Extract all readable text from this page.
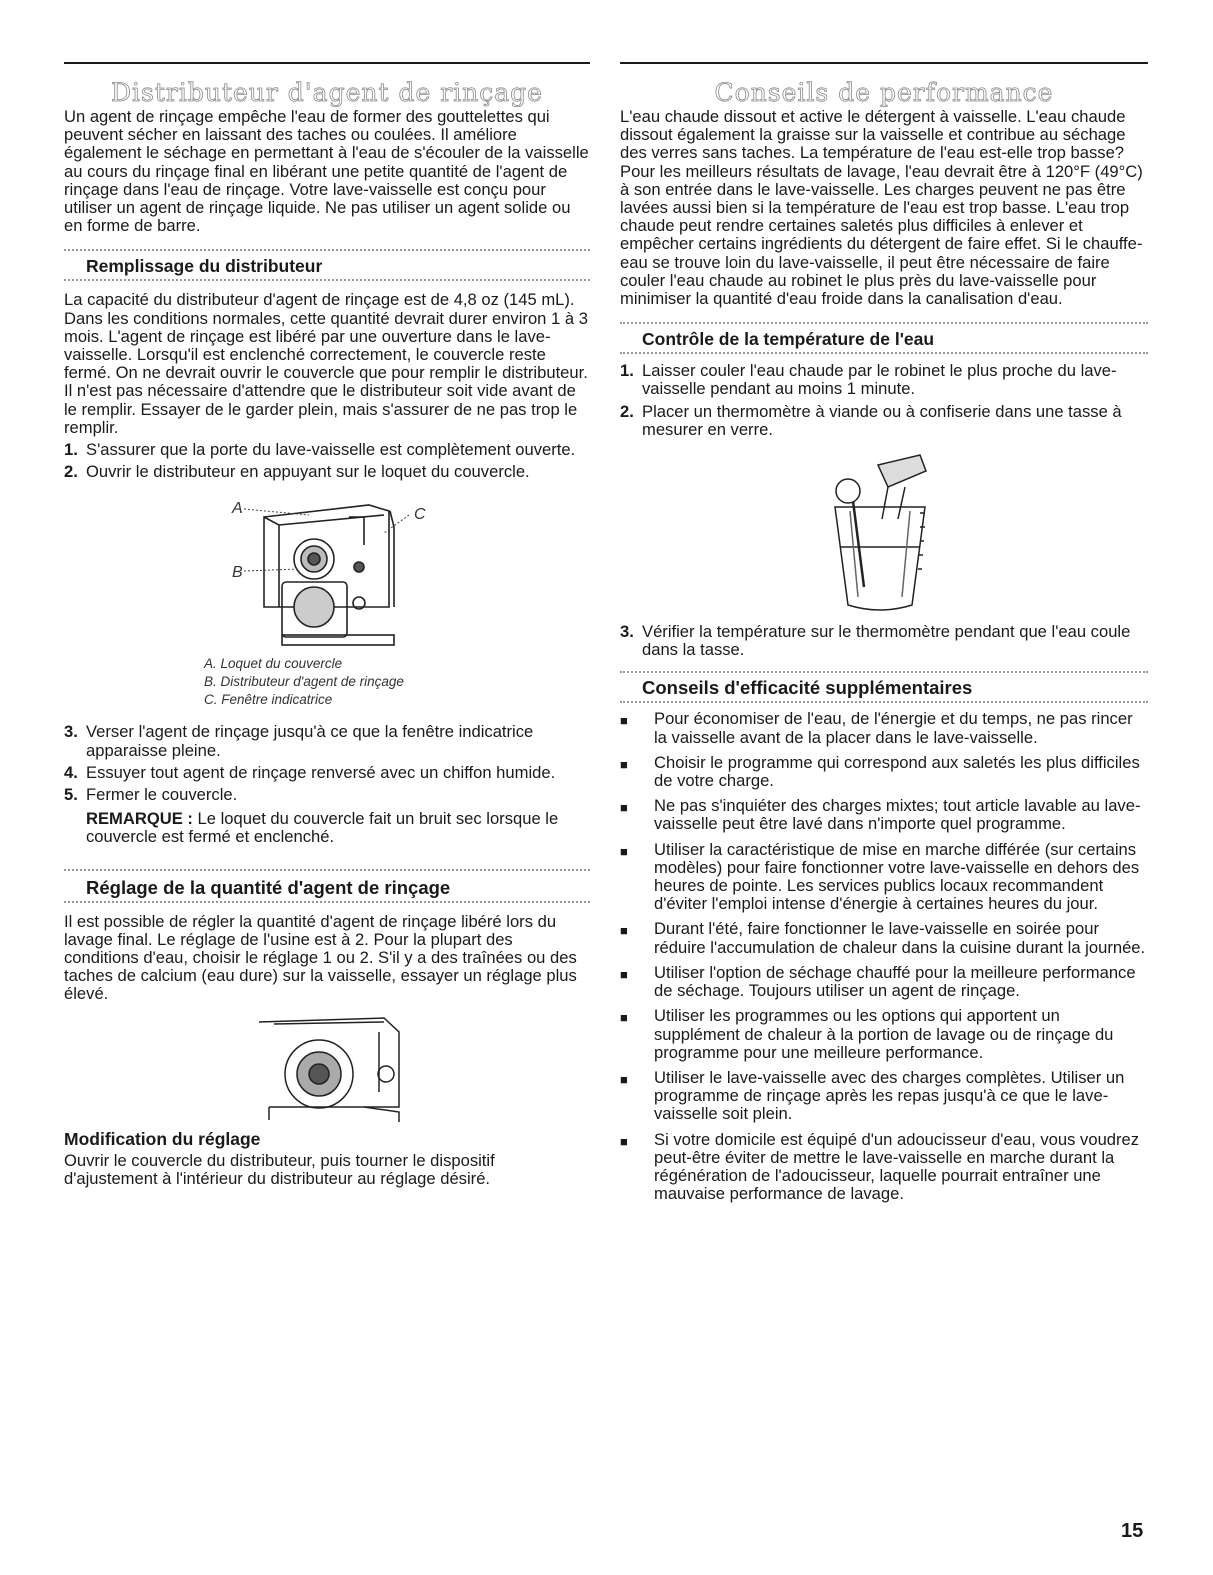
Distributeur d'agent de rinçage

Un agent de rinçage empêche l'eau de former des gouttelettes qui peuvent sécher en laissant des taches ou coulées. Il améliore également le séchage en permettant à l'eau de s'écouler de la vaisselle au cours du rinçage final en libérant une petite quantité de l'agent de rinçage dans l'eau de rinçage. Votre lave-vaisselle est conçu pour utiliser un agent de rinçage liquide. Ne pas utiliser un agent solide ou en forme de barre.

Remplissage du distributeur

La capacité du distributeur d'agent de rinçage est de 4,8 oz (145 mL). Dans les conditions normales, cette quantité devrait durer environ 1 à 3 mois. L'agent de rinçage est libéré par une ouverture dans le lave-vaisselle. Lorsqu'il est enclenché correctement, le couvercle reste fermé. On ne devrait ouvrir le couvercle que pour remplir le distributeur. Il n'est pas nécessaire d'attendre que le distributeur soit vide avant de le remplir. Essayer de le garder plein, mais s'assurer de ne pas trop le remplir.

1. S'assurer que la porte du lave-vaisselle est complètement ouverte.
2. Ouvrir le distributeur en appuyant sur le loquet du couvercle.
A
B
C
A. Loquet du couvercle
B. Distributeur d'agent de rinçage
C. Fenêtre indicatrice
3. Verser l'agent de rinçage jusqu'à ce que la fenêtre indicatrice apparaisse pleine.
4. Essuyer tout agent de rinçage renversé avec un chiffon humide.
5. Fermer le couvercle.
REMARQUE : Le loquet du couvercle fait un bruit sec lorsque le couvercle est fermé et enclenché.
Réglage de la quantité d'agent de rinçage

Il est possible de régler la quantité d'agent de rinçage libéré lors du lavage final. Le réglage de l'usine est à 2. Pour la plupart des conditions d'eau, choisir le réglage 1 ou 2. S'il y a des traînées ou des taches de calcium (eau dure) sur la vaisselle, essayer un réglage plus élevé.

Modification du réglage

Ouvrir le couvercle du distributeur, puis tourner le dispositif d'ajustement à l'intérieur du distributeur au réglage désiré.

Conseils de performance

L'eau chaude dissout et active le détergent à vaisselle. L'eau chaude dissout également la graisse sur la vaisselle et contribue au séchage des verres sans taches. La température de l'eau est-elle trop basse? Pour les meilleurs résultats de lavage, l'eau devrait être à 120°F (49°C) à son entrée dans le lave-vaisselle. Les charges peuvent ne pas être lavées aussi bien si la température de l'eau est trop basse. L'eau trop chaude peut rendre certaines saletés plus difficiles à enlever et empêcher certains ingrédients du détergent de faire effet. Si le chauffe-eau se trouve loin du lave-vaisselle, il peut être nécessaire de faire couler l'eau chaude au robinet le plus près du lave-vaisselle pour minimiser la quantité d'eau froide dans la canalisation d'eau.

Contrôle de la température de l'eau
1. Laisser couler l'eau chaude par le robinet le plus proche du lave-vaisselle pendant au moins 1 minute.
2. Placer un thermomètre à viande ou à confiserie dans une tasse à mesurer en verre.
3. Vérifier la température sur le thermomètre pendant que l'eau coule dans la tasse.
Conseils d'efficacité supplémentaires
■	Pour économiser de l'eau, de l'énergie et du temps, ne pas rincer la vaisselle avant de la placer dans le lave-vaisselle.
■	Choisir le programme qui correspond aux saletés les plus difficiles de votre charge.
■	Ne pas s'inquiéter des charges mixtes; tout article lavable au lave-vaisselle peut être lavé dans n'importe quel programme.
■	Utiliser la caractéristique de mise en marche différée (sur certains modèles) pour faire fonctionner votre lave-vaisselle en dehors des heures de pointe. Les services publics locaux recommandent d'éviter l'emploi intense d'énergie à certaines heures du jour.
■	Durant l'été, faire fonctionner le lave-vaisselle en soirée pour réduire l'accumulation de chaleur dans la cuisine durant la journée.
■	Utiliser l'option de séchage chauffé pour la meilleure performance de séchage. Toujours utiliser un agent de rinçage.
■	Utiliser les programmes ou les options qui apportent un supplément de chaleur à la portion de lavage ou de rinçage du programme pour une meilleure performance.
■	Utiliser le lave-vaisselle avec des charges complètes. Utiliser un programme de rinçage après les repas jusqu'à ce que le lave-vaisselle soit plein.
■	Si votre domicile est équipé d'un adoucisseur d'eau, vous voudrez peut-être éviter de mettre le lave-vaisselle en marche durant la régénération de l'adoucisseur, laquelle pourrait entraîner une mauvaise performance de lavage.
15
